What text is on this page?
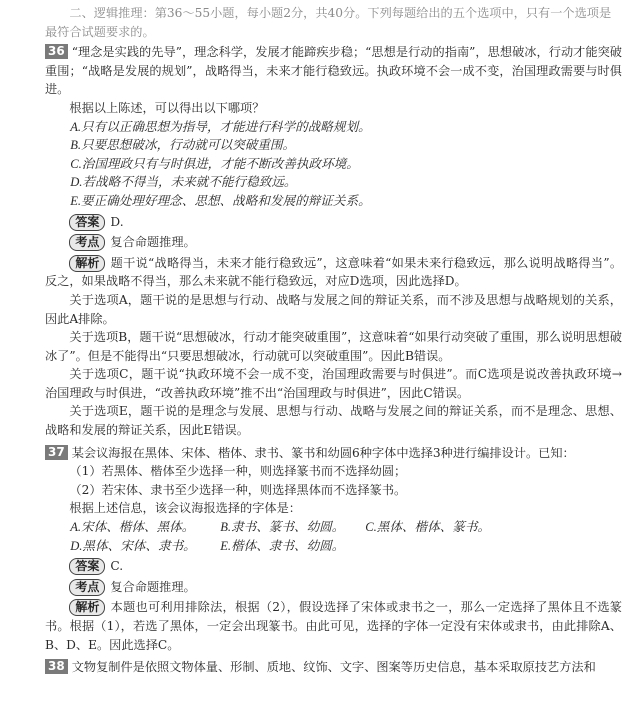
二、逻辑推理：第36～55小题，每小题2分，共40分。下列每题给出的五个选项中，只有一个选项是最符合试题要求的。
36 “理念是实践的先导”，理念科学，发展才能蹄疾步稳；“思想是行动的指南”，思想破冰，行动才能突破重围；“战略是发展的规划”，战略得当，未来才能行稳致远。执政环境不会一成不变，治国理政需要与时俱进。
根据以上陈述，可以得出以下哪项？
A.只有以正确思想为指导，才能进行科学的战略规划。
B.只要思想破冰，行动就可以突破重围。
C.治国理政只有与时俱进，才能不断改善执政环境。
D.若战略不得当，未来就不能行稳致远。
E.要正确处理好理念、思想、战略和发展的辩证关系。
答案 D.
考点 复合命题推理。
解析 题干说“战略得当，未来才能行稳致远”，这意味着“如果未来行稳致远，那么说明战略得当”。反之，如果战略不得当，那么未来就不能行稳致远，对应D选项，因此选择D。
关于选项A，题干说的是思想与行动、战略与发展之间的辩证关系，而不涉及思想与战略规划的关系，因此A排除。
关于选项B，题干说“思想破冰，行动才能突破重围”，这意味着“如果行动突破了重围，那么说明思想破冰了”。但是不能得出“只要思想破冰，行动就可以突破重围”。因此B错误。
关于选项C，题干说“执政环境不会一成不变，治国理政需要与时俱进”。而C选项是说改善执政环境→治国理政与时俱进，“改善执政环境”推不出“治国理政与时俱进”，因此C错误。
关于选项E，题干说的是理念与发展、思想与行动、战略与发展之间的辩证关系，而不是理念、思想、战略和发展的辩证关系，因此E错误。
37 某会议海报在黑体、宋体、楷体、隶书、篆书和幼圆6种字体中选择3种进行编排设计。已知：
（1）若黑体、楷体至少选择一种，则选择篆书而不选择幼圆；
（2）若宋体、隶书至少选择一种，则选择黑体而不选择篆书。
根据上述信息，该会议海报选择的字体是：
A.宋体、楷体、黑体。	B.隶书、篆书、幼圆。	C.黑体、楷体、篆书。
D.黑体、宋体、隶书。	E.楷体、隶书、幼圆。
答案 C.
考点 复合命题推理。
解析 本题也可利用排除法，根据（2），假设选择了宋体或隶书之一，那么一定选择了黑体且不选篆书。根据（1），若选了黑体，一定会出现篆书。由此可见，选择的字体一定没有宋体或隶书，由此排除A、B、D、E。因此选择C。
38 文物复制件是依照文物体量、形制、质地、纹饰、文字、图案等历史信息，基本采取原技艺方法和
